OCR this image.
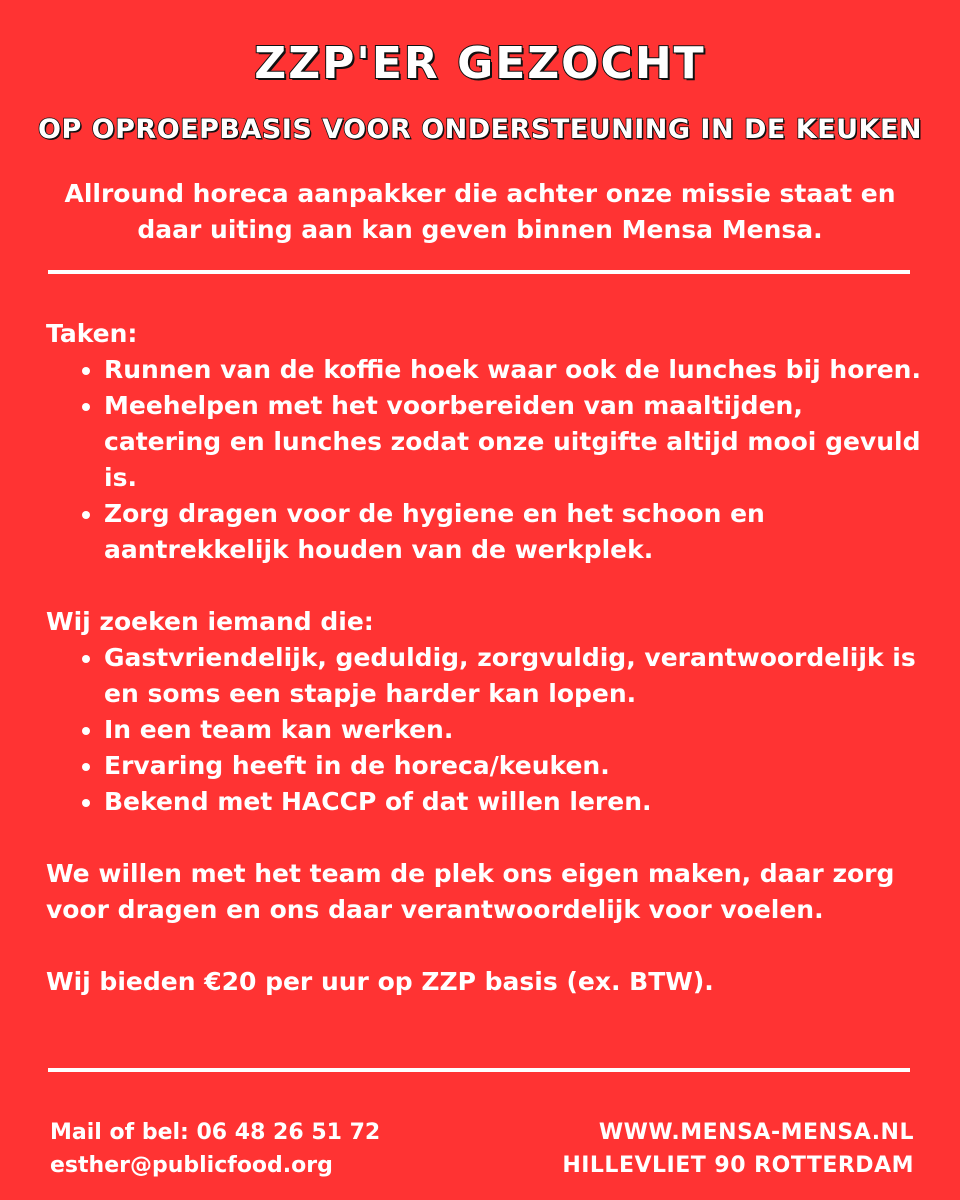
ZZP'ER GEZOCHT
OP OPROEPBASIS VOOR ONDERSTEUNING IN DE KEUKEN
Allround horeca aanpakker die achter onze missie staat en
daar uiting aan kan geven binnen Mensa Mensa.
Taken:
• Runnen van de koffie hoek waar ook de lunches bij horen.
• Meehelpen met het voorbereiden van maaltijden, catering en lunches zodat onze uitgifte altijd mooi gevuld is.
• Zorg dragen voor de hygiene en het schoon en aantrekkelijk houden van de werkplek.
Wij zoeken iemand die:
• Gastvriendelijk, geduldig, zorgvuldig, verantwoordelijk is en soms een stapje harder kan lopen.
• In een team kan werken.
• Ervaring heeft in de horeca/keuken.
• Bekend met HACCP of dat willen leren.
We willen met het team de plek ons eigen maken, daar zorg voor dragen en ons daar verantwoordelijk voor voelen.
Wij bieden €20 per uur op ZZP basis (ex. BTW).
Mail of bel: 06 48 26 51 72
esther@publicfood.org
WWW.MENSA-MENSA.NL
HILLEVLIET 90 ROTTERDAM
